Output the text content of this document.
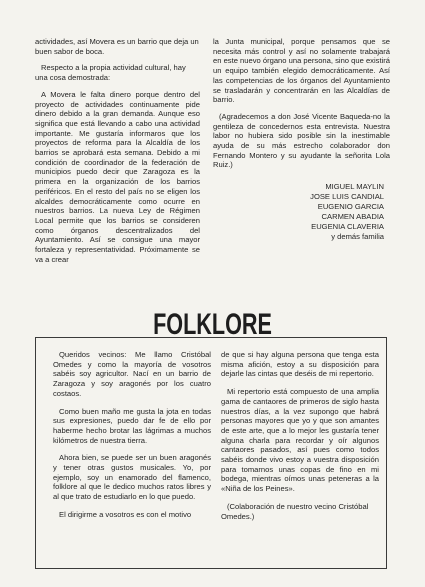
actividades, así Movera es un barrio que deja un buen sabor de boca.

Respecto a la propia actividad cultural, hay una cosa demostrada:

A Movera le falta dinero porque dentro del proyecto de actividades continuamente pide dinero debido a la gran demanda. Aunque eso significa que está llevando a cabo una actividad importante. Me gustaría informaros que los proyectos de reforma para la Alcaldía de los barrios se aprobará esta semana. Debido a mi condición de coordinador de la federación de municipios puedo decir que Zaragoza es la primera en la organización de los barrios periféricos. En el resto del país no se eligen los alcaldes democráticamente como ocurre en nuestros barrios. La nueva Ley de Régimen Local permite que los barrios se consideren como órganos descentralizados del Ayuntamiento. Así se consigue una mayor fortaleza y representatividad. Próximamente se va a crear

la Junta municipal, porque pensamos que se necesita más control y así no solamente trabajará en este nuevo órgano una persona, sino que existirá un equipo también elegido democráticamente. Así las competencias de los órganos del Ayuntamiento se trasladarán y concentrarán en las Alcaldías de barrio.

(Agradecemos a don José Vicente Baqueda-no la gentileza de concedernos esta entrevista. Nuestra labor no hubiera sido posible sin la inestimable ayuda de su más estrecho colaborador don Fernando Montero y su ayudante la señorita Lola Ruiz.)

MIGUEL MAYLIN
JOSE LUIS CANDIAL
EUGENIO GARCIA
CARMEN ABADIA
EUGENIA CLAVERIA
y demás familia
FOLKLORE

Queridos vecinos: Me llamo Cristóbal Omedes y como la mayoría de vosotros sabéis soy agricultor. Nací en un barrio de Zaragoza y soy aragonés por los cuatro costaos.

Como buen maño me gusta la jota en todas sus expresiones, puedo dar fe de ello por haberme hecho brotar las lágrimas a muchos kilómetros de nuestra tierra.

Ahora bien, se puede ser un buen aragonés y tener otras gustos musicales. Yo, por ejemplo, soy un enamorado del flamenco, folklore al que le dedico muchos ratos libres y al que trato de estudiarlo en lo que puedo.

El dirigirme a vosotros es con el motivo

de que si hay alguna persona que tenga esta misma afición, estoy a su disposición para dejarle las cintas que deséis de mi repertorio.

Mi repertorio está compuesto de una amplia gama de cantaores de primeros de siglo hasta nuestros días, a la vez supongo que habrá personas mayores que yo y que son amantes de este arte, que a lo mejor les gustaría tener alguna charla para recordar y oír algunos cantaores pasados, así pues como todos sabéis donde vivo estoy a vuestra disposición para tomarnos unas copas de fino en mi bodega, mientras oímos unas peteneras a la «Niña de los Peines».

(Colaboración de nuestro vecino Cristóbal Omedes.)
